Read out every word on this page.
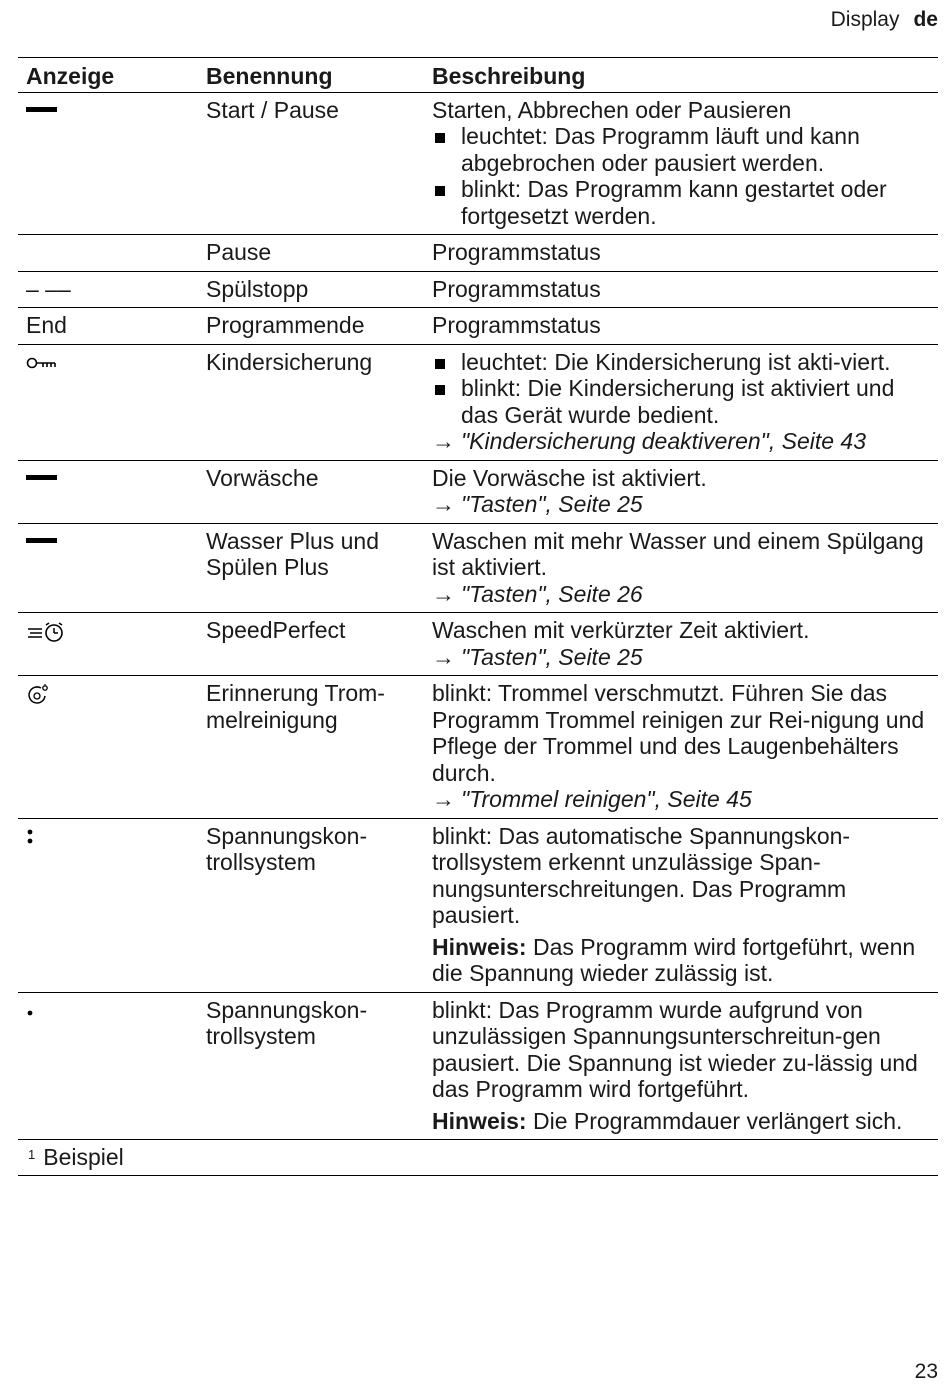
Display de
Anzeige	Benennung	Beschreibung
	Start / Pause	Starten, Abbrechen oder Pausieren
leuchtet: Das Programm läuft und kann abgebrochen oder pausiert werden.
blinkt: Das Programm kann gestartet oder fortgesetzt werden.

	Pause	Programmstatus
– ––	Spülstopp	Programmstatus
End	Programmende	Programmstatus
	Kindersicherung	leuchtet: Die Kindersicherung ist akti-viert.
blinkt: Die Kindersicherung ist aktiviert und das Gerät wurde bedient.
→ "Kindersicherung deaktiveren", Seite 43

	Vorwäsche	Die Vorwäsche ist aktiviert.
→ "Tasten", Seite 25

	Wasser Plus und Spülen Plus	Waschen mit mehr Wasser und einem Spülgang ist aktiviert.
→ "Tasten", Seite 26

	SpeedPerfect	Waschen mit verkürzter Zeit aktiviert.
→ "Tasten", Seite 25

	Erinnerung Trom-melreinigung	blinkt: Trommel verschmutzt. Führen Sie das Programm Trommel reinigen zur Rei-nigung und Pflege der Trommel und des Laugenbehälters durch.
→ "Trommel reinigen", Seite 45

	Spannungskon-trollsystem	blinkt: Das automatische Spannungskon-trollsystem erkennt unzulässige Span-nungsunterschreitungen. Das Programm pausiert.
Hinweis: Das Programm wird fortgeführt, wenn die Spannung wieder zulässig ist.

	Spannungskon-trollsystem	blinkt: Das Programm wurde aufgrund von unzulässigen Spannungsunterschreitun-gen pausiert. Die Spannung ist wieder zu-lässig und das Programm wird fortgeführt.
Hinweis: Die Programmdauer verlängert sich.

$^1$ Beispiel		
23
